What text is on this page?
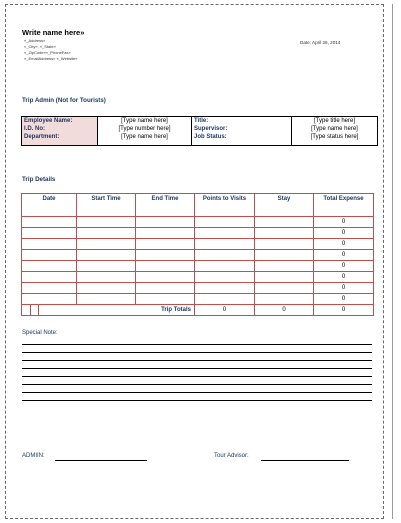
Write name here»
«_Address»
«_City», «_State»
«_ZipCode»«_PhoneFax»
«_EmailAddress» «_Website»
Date: April 26, 2014
Trip Admin (Not for Tourists)
Employee Name:
I.D. No:
Department:

[Type name here]
[Type number here]
[Type name here]

Title:
Supervisor:
Job Status:

[Type title here]
[Type name here]
[Type status here]
Trip Details
Date			Start Time	End Time	Points to Visits	Stay	Total Expense
							0
							0
							0
							0
							0
							0
							0
							0
		Trip Totals			0	0	0
Special Note:
ADMIIN:	Tour Advisor:
